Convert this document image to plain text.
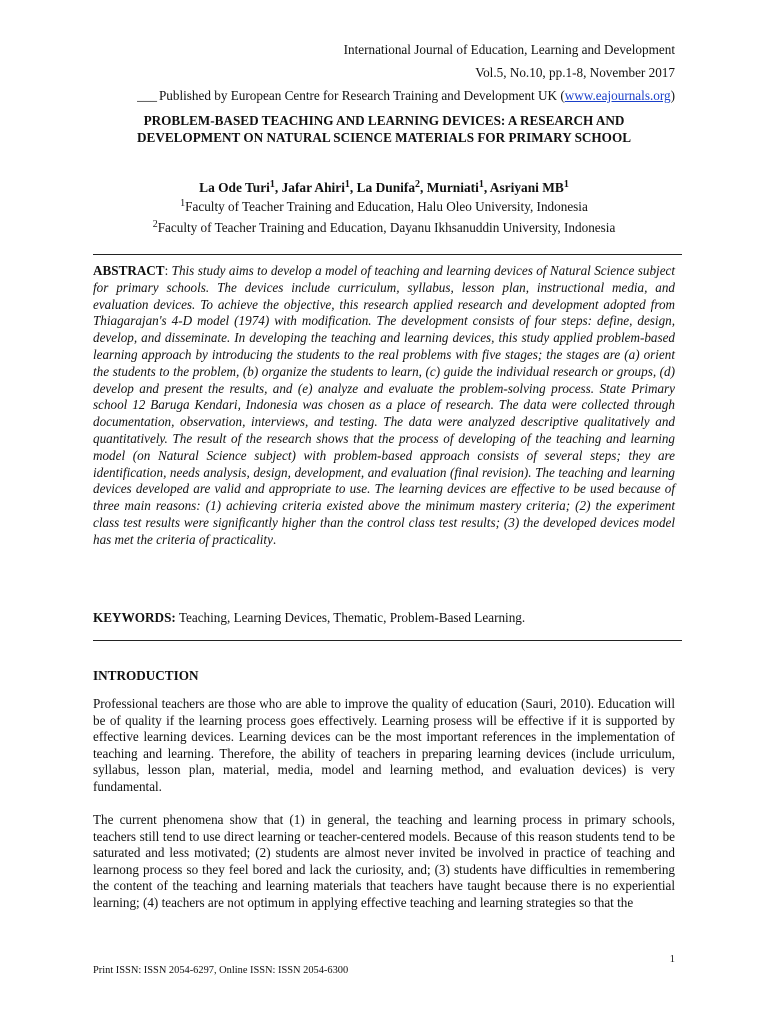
International Journal of Education, Learning and Development
Vol.5, No.10, pp.1-8, November 2017
___ Published by European Centre for Research Training and Development UK (www.eajournals.org)
PROBLEM-BASED TEACHING AND LEARNING DEVICES: A RESEARCH AND DEVELOPMENT ON NATURAL SCIENCE MATERIALS FOR PRIMARY SCHOOL
La Ode Turi$^1$, Jafar Ahiri$^1$, La Dunifa$^2$, Murniati$^1$, Asriyani $MB^1$
$^1$Faculty of Teacher Training and Education, Halu Oleo University, Indonesia
$^2$Faculty of Teacher Training and Education, Dayanu Ikhsanuddin University, Indonesia
ABSTRACT: This study aims to develop a model of teaching and learning devices of Natural Science subject for primary schools. The devices include curriculum, syllabus, lesson plan, instructional media, and evaluation devices. To achieve the objective, this research applied research and development adopted from Thiagarajan's 4-D model (1974) with modification. The development consists of four steps: define, design, develop, and disseminate. In developing the teaching and learning devices, this study applied problem-based learning approach by introducing the students to the real problems with five stages; the stages are (a) orient the students to the problem, (b) organize the students to learn, (c) guide the individual research or groups, (d) develop and present the results, and (e) analyze and evaluate the problem-solving process. State Primary school 12 Baruga Kendari, Indonesia was chosen as a place of research. The data were collected through documentation, observation, interviews, and testing. The data were analyzed descriptive qualitatively and quantitatively. The result of the research shows that the process of developing of the teaching and learning model (on Natural Science subject) with problem-based approach consists of several steps; they are identification, needs analysis, design, development, and evaluation (final revision). The teaching and learning devices developed are valid and appropriate to use. The learning devices are effective to be used because of three main reasons: (1) achieving criteria existed above the minimum mastery criteria; (2) the experiment class test results were significantly higher than the control class test results; (3) the developed devices model has met the criteria of practicality.
KEYWORDS: Teaching, Learning Devices, Thematic, Problem-Based Learning.
INTRODUCTION
Professional teachers are those who are able to improve the quality of education (Sauri, 2010). Education will be of quality if the learning process goes effectively. Learning prosess will be effective if it is supported by effective learning devices. Learning devices can be the most important references in the implementation of teaching and learning. Therefore, the ability of teachers in preparing learning devices (include urriculum, syllabus, lesson plan, material, media, model and learning method, and evaluation devices) is very fundamental.
The current phenomena show that (1) in general, the teaching and learning process in primary schools, teachers still tend to use direct learning or teacher-centered models. Because of this reason students tend to be saturated and less motivated; (2) students are almost never invited be involved in practice of teaching and learnong process so they feel bored and lack the curiosity, and; (3) students have difficulties in remembering the content of the teaching and learning materials that teachers have taught because there is no experiential learning; (4) teachers are not optimum in applying effective teaching and learning strategies so that the
1
Print ISSN: ISSN 2054-6297, Online ISSN: ISSN 2054-6300
